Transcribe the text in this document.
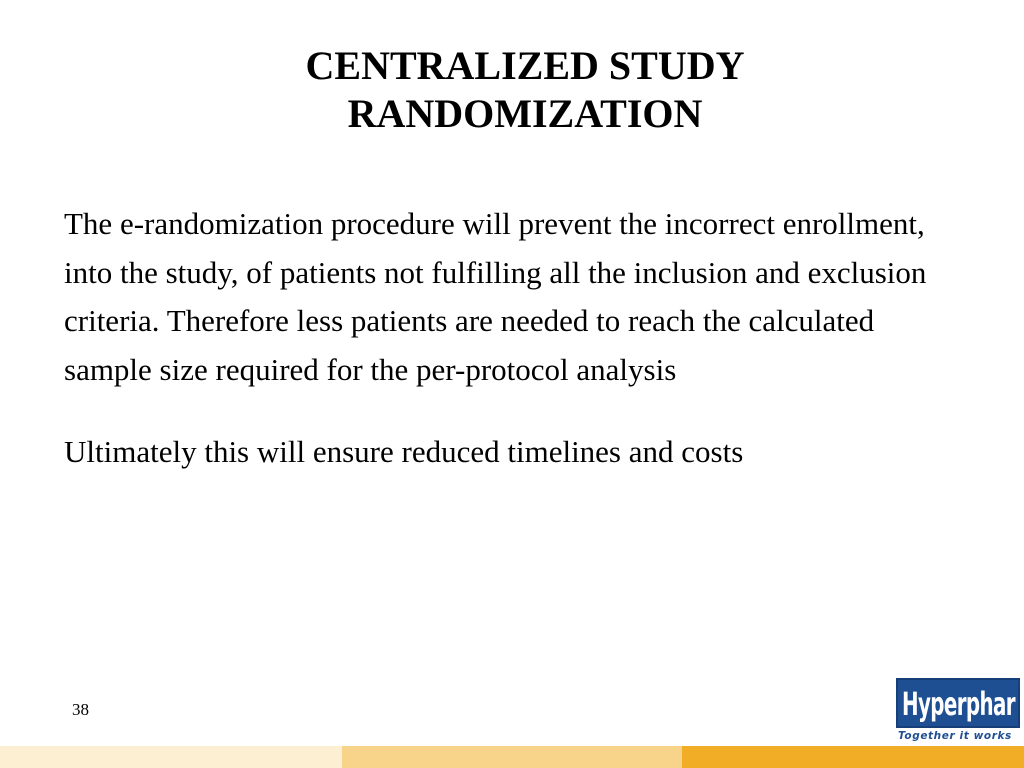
CENTRALIZED STUDY
RANDOMIZATION

The e-randomization procedure will prevent the incorrect enrollment, into the study, of patients not fulfilling all the inclusion and exclusion criteria. Therefore less patients are needed to reach the calculated sample size required for the per-protocol analysis

Ultimately this will ensure reduced timelines and costs

38	Hyperphar
®
Together it works
